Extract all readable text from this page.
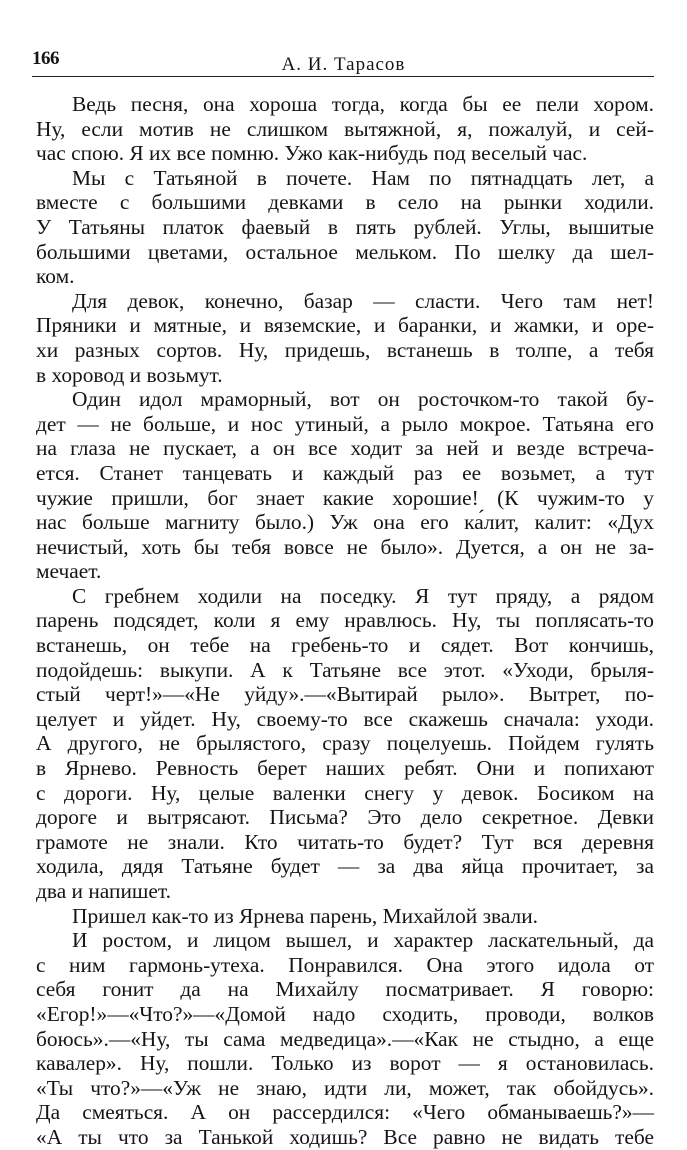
166	А. И. Тарасов

Ведь песня, она хороша тогда, когда бы ее пели хором.
Ну, если мотив не слишком вытяжной, я, пожалуй, и сей-
час спою. Я их все помню. Ужо как-нибудь под веселый час.

Мы с Татьяной в почете. Нам по пятнадцать лет, а
вместе с большими девками в село на рынки ходили.
У Татьяны платок фаевый в пять рублей. Углы, вышитые
большими цветами, остальное мельком. По шелку да шел-
ком.

Для девок, конечно, базар — сласти. Чего там нет!
Пряники и мятные, и вяземские, и баранки, и жамки, и оре-
хи разных сортов. Ну, придешь, встанешь в толпе, а тебя
в хоровод и возьмут.

Один идол мраморный, вот он росточком-то такой бу-
дет — не больше, и нос утиный, а рыло мокрое. Татьяна его
на глаза не пускает, а он все ходит за ней и везде встреча-
ется. Станет танцевать и каждый раз ее возьмет, а тут
чужие пришли, бог знает какие хорошие! (К чужим-то у
нас больше магниту было.) Уж она его ка́лит, калит: «Дух
нечистый, хоть бы тебя вовсе не было». Дуется, а он не за-
мечает.

С гребнем ходили на поседку. Я тут пряду, а рядом
парень подсядет, коли я ему нравлюсь. Ну, ты поплясать-то
встанешь, он тебе на гребень-то и сядет. Вот кончишь,
подойдешь: выкупи. А к Татьяне все этот. «Уходи, брыля-
стый черт!»—«Не уйду».—«Вытирай рыло». Вытрет, по-
целует и уйдет. Ну, своему-то все скажешь сначала: уходи.
А другого, не брылястого, сразу поцелуешь. Пойдем гулять
в Ярнево. Ревность берет наших ребят. Они и попихают
с дороги. Ну, целые валенки снегу у девок. Босиком на
дороге и вытрясают. Письма? Это дело секретное. Девки
грамоте не знали. Кто читать-то будет? Тут вся деревня
ходила, дядя Татьяне будет — за два яйца прочитает, за
два и напишет.

Пришел как-то из Ярнева парень, Михайлой звали.

И ростом, и лицом вышел, и характер ласкательный, да
с ним гармонь-утеха. Понравился. Она этого идола от
себя гонит да на Михайлу посматривает. Я говорю:
«Егор!»—«Что?»—«Домой надо сходить, проводи, волков
боюсь».—«Ну, ты сама медведица».—«Как не стыдно, а еще
кавалер». Ну, пошли. Только из ворот — я остановилась.
«Ты что?»—«Уж не знаю, идти ли, может, так обойдусь».
Да смеяться. А он рассердился: «Чего обманываешь?»—
«А ты что за Танькой ходишь? Все равно не видать тебе
